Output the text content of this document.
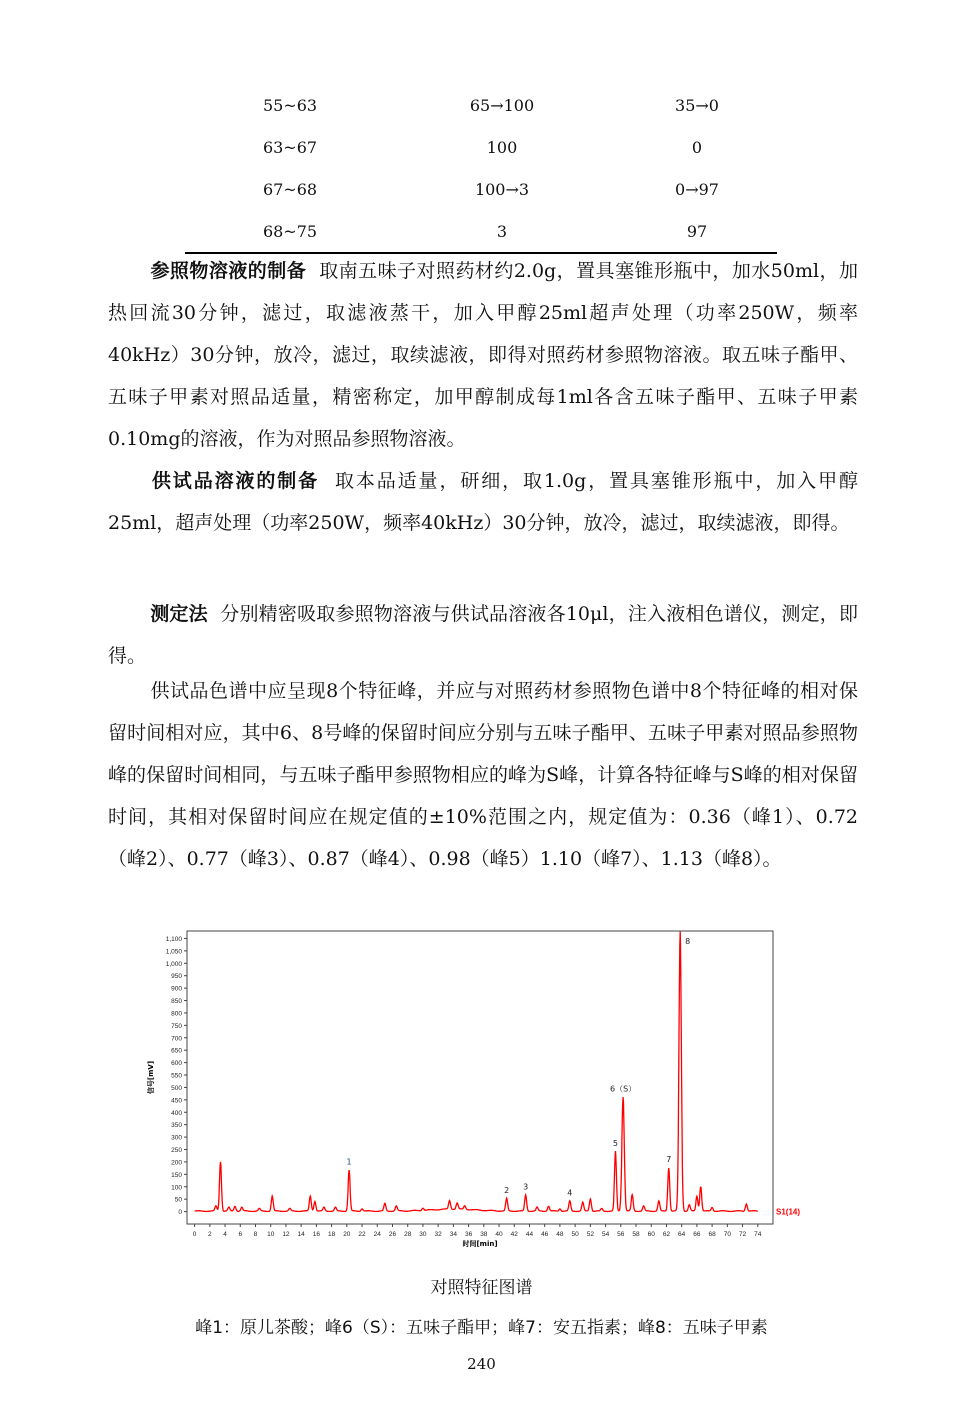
55~63	65→100	35→0
63~67	100	0
67~68	100→3	0→97
68~75	3	97
参照物溶液的制备 取南五味子对照药材约2.0g，置具塞锥形瓶中，加水50ml，加热回流30分钟，滤过，取滤液蒸干，加入甲醇25ml超声处理（功率250W，频率40kHz）30分钟，放冷，滤过，取续滤液，即得对照药材参照物溶液。取五味子酯甲、五味子甲素对照品适量，精密称定，加甲醇制成每1ml各含五味子酯甲、五味子甲素0.10mg的溶液，作为对照品参照物溶液。
供试品溶液的制备 取本品适量，研细，取1.0g，置具塞锥形瓶中，加入甲醇25ml，超声处理（功率250W，频率40kHz）30分钟，放冷，滤过，取续滤液，即得。
测定法 分别精密吸取参照物溶液与供试品溶液各10μl，注入液相色谱仪，测定，即得。
供试品色谱中应呈现8个特征峰，并应与对照药材参照物色谱中8个特征峰的相对保留时间相对应，其中6、8号峰的保留时间应分别与五味子酯甲、五味子甲素对照品参照物峰的保留时间相同，与五味子酯甲参照物相应的峰为S峰，计算各特征峰与S峰的相对保留时间，其相对保留时间应在规定值的±10%范围之内，规定值为：0.36（峰1）、0.72（峰2）、0.77（峰3）、0.87（峰4）、0.98（峰5）1.10（峰7）、1.13（峰8）。
0
50
100
150
200
250
300
350
400
450
500
550
600
650
700
750
800
850
900
950
1,000
1,050
1,100
0 2 4 6 8 10 12 14 16 18 20 22 24 26 28 30 32 34 36 38 40 42 44 46 48 50 52 54 56 58 60 62 64 66 68 70 72 74
时间[min]
信号[mV]
S1(14)
1
2 3
4
5
6（S）
7
8
对照特征图谱
峰1：原儿茶酸；峰6（S）：五味子酯甲；峰7：安五指素；峰8：五味子甲素
240
